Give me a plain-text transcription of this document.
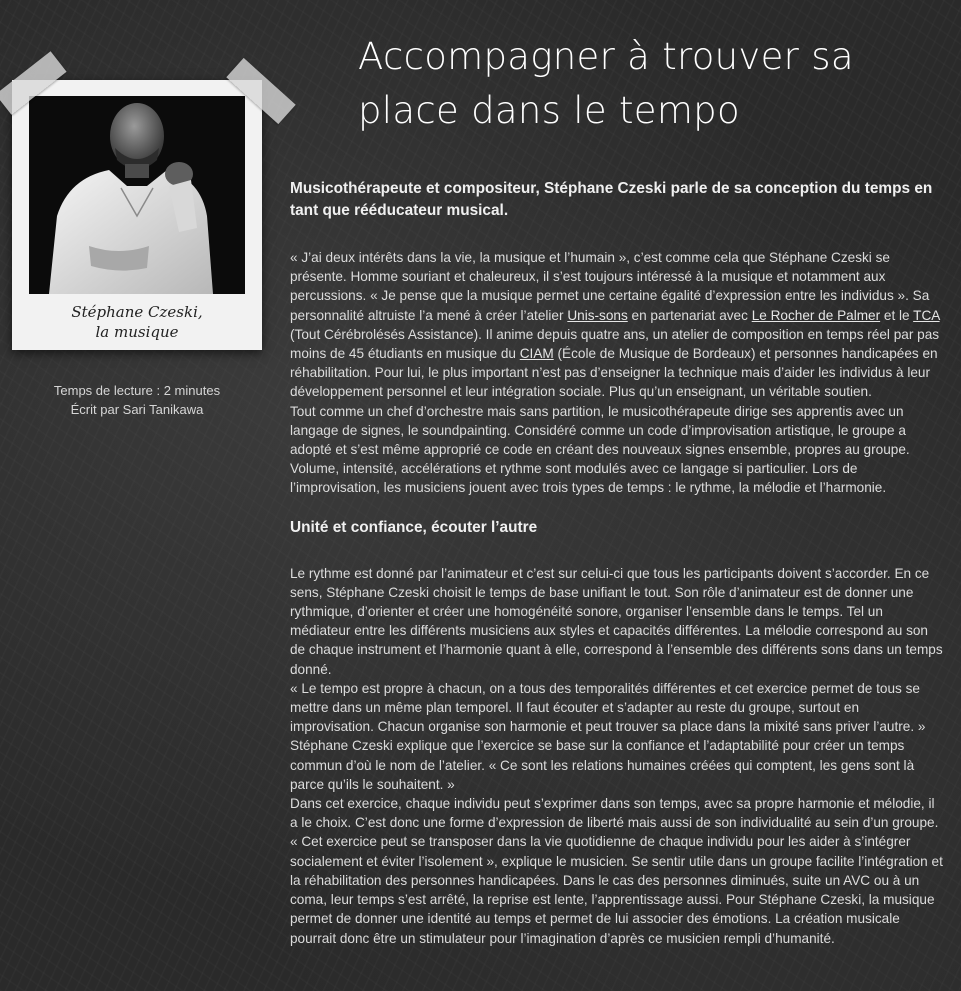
Accompagner à trouver sa place dans le tempo
Stéphane Czeski,
la musique
Temps de lecture : 2 minutes
Écrit par Sari Tanikawa

Musicothérapeute et compositeur, Stéphane Czeski parle de sa conception du temps en tant que rééducateur musical.

« J’ai deux intérêts dans la vie, la musique et l’humain », c’est comme cela que Stéphane Czeski se présente. Homme souriant et chaleureux, il s’est toujours intéressé à la musique et notamment aux percussions. « Je pense que la musique permet une certaine égalité d’expression entre les individus ». Sa personnalité altruiste l’a mené à créer l’atelier Unis-sons en partenariat avec Le Rocher de Palmer et le TCA (Tout Cérébrolésés Assistance). Il anime depuis quatre ans, un atelier de composition en temps réel par pas moins de 45 étudiants en musique du CIAM (École de Musique de Bordeaux) et personnes handicapées en réhabilitation. Pour lui, le plus important n’est pas d’enseigner la technique mais d’aider les individus à leur développement personnel et leur intégration sociale. Plus qu’un enseignant, un véritable soutien.

Tout comme un chef d’orchestre mais sans partition, le musicothérapeute dirige ses apprentis avec un langage de signes, le soundpainting. Considéré comme un code d’improvisation artistique, le groupe a adopté et s’est même approprié ce code en créant des nouveaux signes ensemble, propres au groupe. Volume, intensité, accélérations et rythme sont modulés avec ce langage si particulier. Lors de l’improvisation, les musiciens jouent avec trois types de temps : le rythme, la mélodie et l’harmonie.

Unité et confiance, écouter l’autre

Le rythme est donné par l’animateur et c’est sur celui-ci que tous les participants doivent s’accorder. En ce sens, Stéphane Czeski choisit le temps de base unifiant le tout. Son rôle d’animateur est de donner une rythmique, d’orienter et créer une homogénéité sonore, organiser l’ensemble dans le temps. Tel un médiateur entre les différents musiciens aux styles et capacités différentes. La mélodie correspond au son de chaque instrument et l’harmonie quant à elle, correspond à l’ensemble des différents sons dans un temps donné.

« Le tempo est propre à chacun, on a tous des temporalités différentes et cet exercice permet de tous se mettre dans un même plan temporel. Il faut écouter et s’adapter au reste du groupe, surtout en improvisation. Chacun organise son harmonie et peut trouver sa place dans la mixité sans priver l’autre. » Stéphane Czeski explique que l’exercice se base sur la confiance et l’adaptabilité pour créer un temps commun d’où le nom de l’atelier. « Ce sont les relations humaines créées qui comptent, les gens sont là parce qu’ils le souhaitent. »

Dans cet exercice, chaque individu peut s’exprimer dans son temps, avec sa propre harmonie et mélodie, il a le choix. C’est donc une forme d’expression de liberté mais aussi de son individualité au sein d’un groupe. « Cet exercice peut se transposer dans la vie quotidienne de chaque individu pour les aider à s’intégrer socialement et éviter l’isolement », explique le musicien. Se sentir utile dans un groupe facilite l’intégration et la réhabilitation des personnes handicapées. Dans le cas des personnes diminués, suite un AVC ou à un coma, leur temps s’est arrêté, la reprise est lente, l’apprentissage aussi. Pour Stéphane Czeski, la musique permet de donner une identité au temps et permet de lui associer des émotions. La création musicale pourrait donc être un stimulateur pour l’imagination d’après ce musicien rempli d’humanité.
